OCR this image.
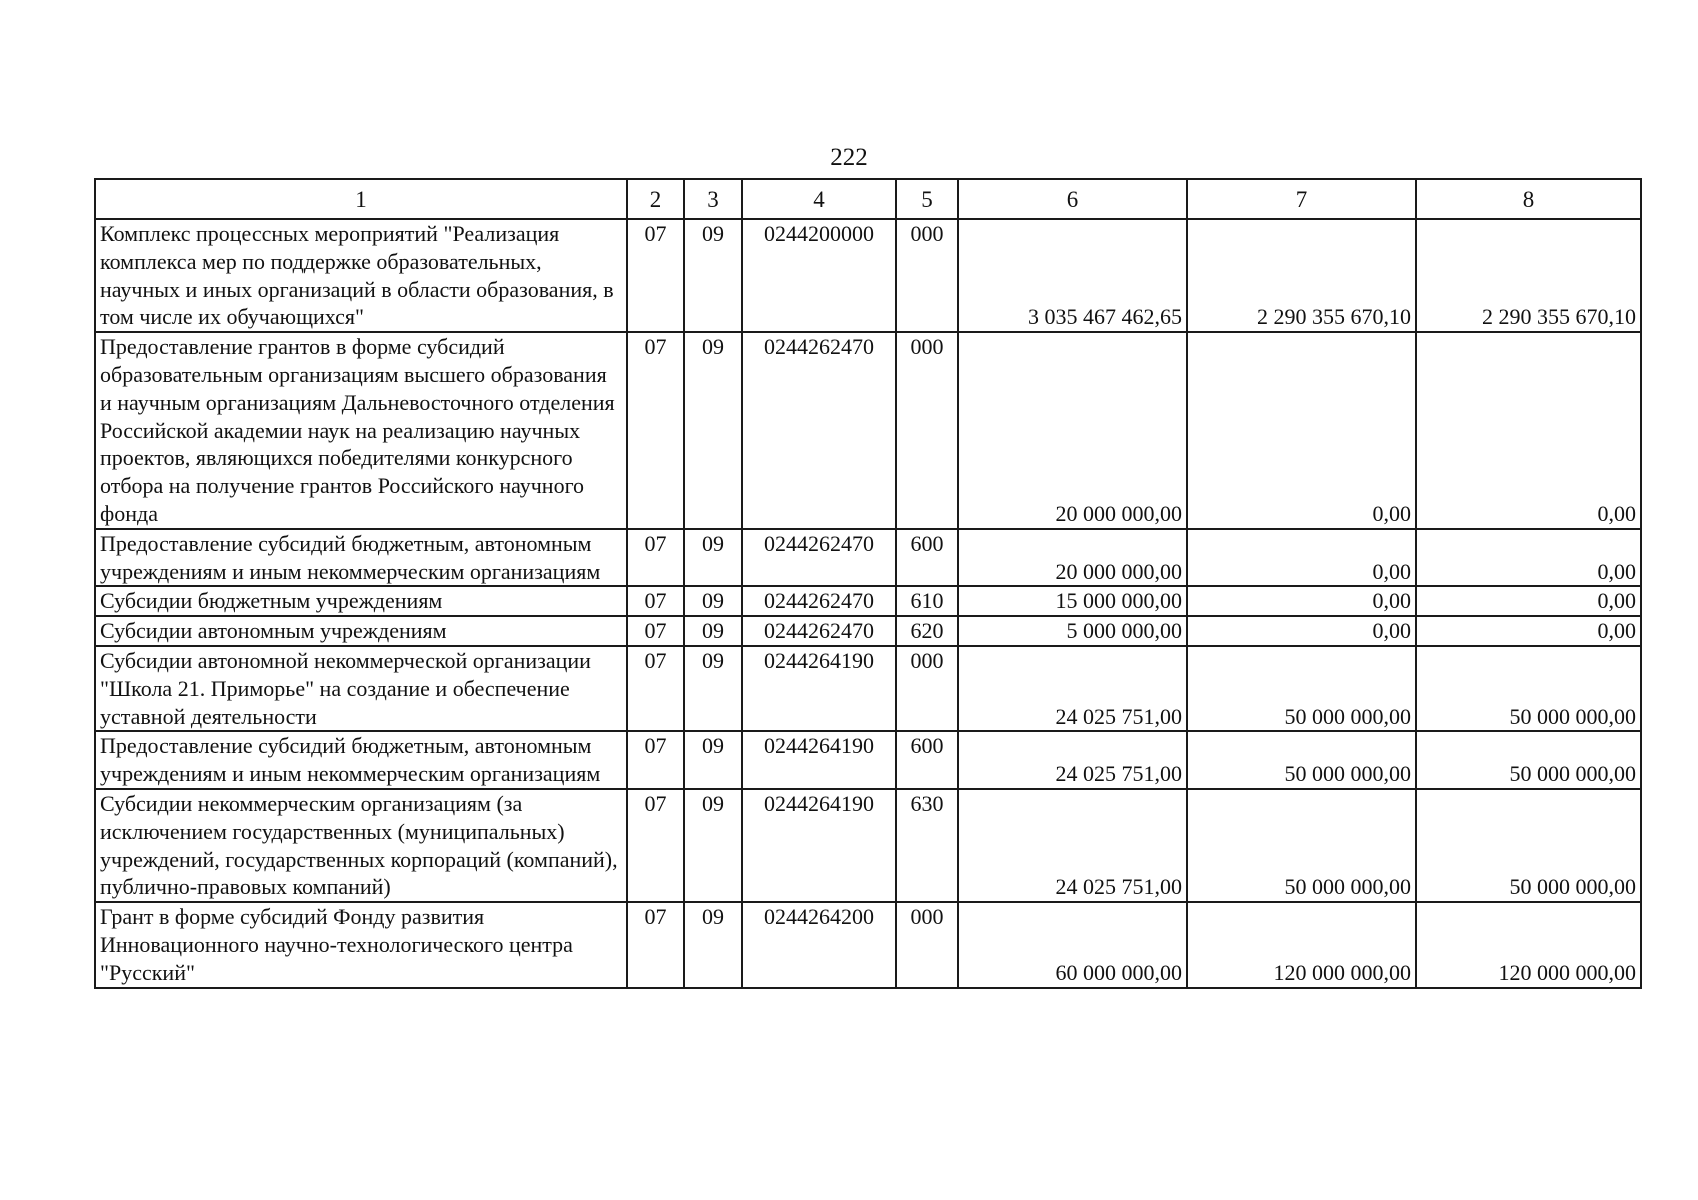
222
1	2	3	4	5	6	7	8
Комплекс процессных мероприятий "Реализация комплекса мер по поддержке образовательных, научных и иных организаций в области образования, в том числе их обучающихся"	07	09	0244200000	000	3 035 467 462,65	2 290 355 670,10	2 290 355 670,10
Предоставление грантов в форме субсидий образовательным организациям высшего образования и научным организациям Дальневосточного отделения Российской академии наук на реализацию научных проектов, являющихся победителями конкурсного отбора на получение грантов Российского научного фонда	07	09	0244262470	000	20 000 000,00	0,00	0,00
Предоставление субсидий бюджетным, автономным учреждениям и иным некоммерческим организациям	07	09	0244262470	600	20 000 000,00	0,00	0,00
Субсидии бюджетным учреждениям	07	09	0244262470	610	15 000 000,00	0,00	0,00
Субсидии автономным учреждениям	07	09	0244262470	620	5 000 000,00	0,00	0,00
Субсидии автономной некоммерческой организации "Школа 21. Приморье" на создание и обеспечение уставной деятельности	07	09	0244264190	000	24 025 751,00	50 000 000,00	50 000 000,00
Предоставление субсидий бюджетным, автономным учреждениям и иным некоммерческим организациям	07	09	0244264190	600	24 025 751,00	50 000 000,00	50 000 000,00
Субсидии некоммерческим организациям (за исключением государственных (муниципальных) учреждений, государственных корпораций (компаний), публично-правовых компаний)	07	09	0244264190	630	24 025 751,00	50 000 000,00	50 000 000,00
Грант в форме субсидий Фонду развития Инновационного научно-технологического центра "Русский"	07	09	0244264200	000	60 000 000,00	120 000 000,00	120 000 000,00
